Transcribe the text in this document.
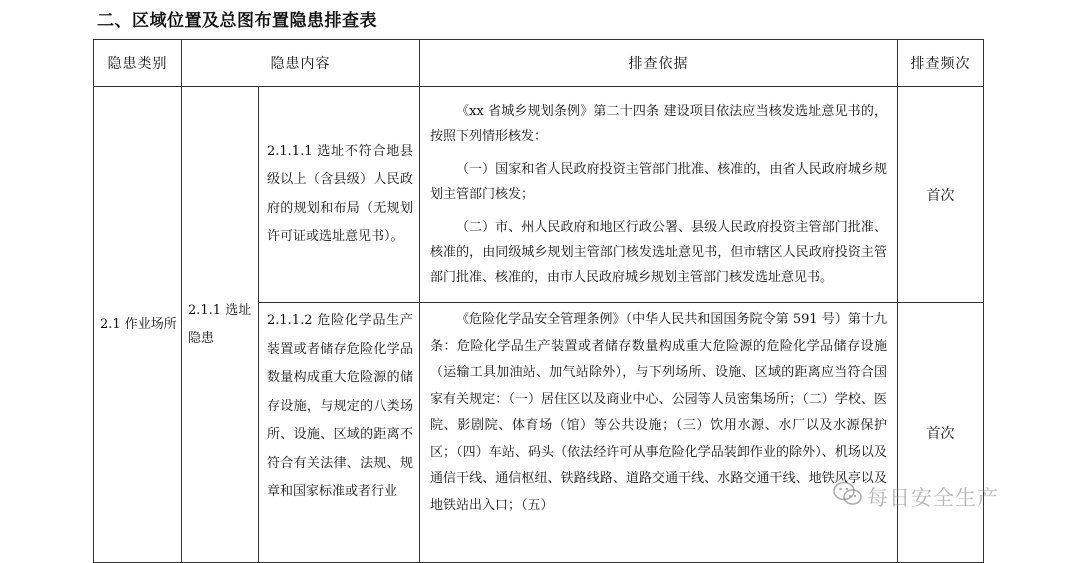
二、区域位置及总图布置隐患排查表
隐患类别	隐患内容		排查依据	排查频次
2.1 作业场所	2.1.1 选址隐患	2.1.1.1 选址不符合地县级以上（含县级）人民政府的规划和布局（无规划许可证或选址意见书）。	《xx 省城乡规划条例》第二十四条 建设项目依法应当核发选址意见书的，按照下列情形核发：

（一）国家和省人民政府投资主管部门批准、核准的，由省人民政府城乡规划主管部门核发；

（二）市、州人民政府和地区行政公署、县级人民政府投资主管部门批准、核准的，由同级城乡规划主管部门核发选址意见书，但市辖区人民政府投资主管部门批准、核准的，由市人民政府城乡规划主管部门核发选址意见书。	首次
		2.1.1.2 危险化学品生产装置或者储存危险化学品数量构成重大危险源的储存设施，与规定的八类场所、设施、区域的距离不符合有关法律、法规、规章和国家标准或者行业	《危险化学品安全管理条例》（中华人民共和国国务院令第 591 号）第十九条：危险化学品生产装置或者储存数量构成重大危险源的危险化学品储存设施（运输工具加油站、加气站除外），与下列场所、设施、区域的距离应当符合国家有关规定：（一）居住区以及商业中心、公园等人员密集场所；（二）学校、医院、影剧院、体育场（馆）等公共设施；（三）饮用水源、水厂以及水源保护区；（四）车站、码头（依法经许可从事危险化学品装卸作业的除外）、机场以及通信干线、通信枢纽、铁路线路、道路交通干线、水路交通干线、地铁风亭以及地铁站出入口；（五）	首次
每日安全生产
